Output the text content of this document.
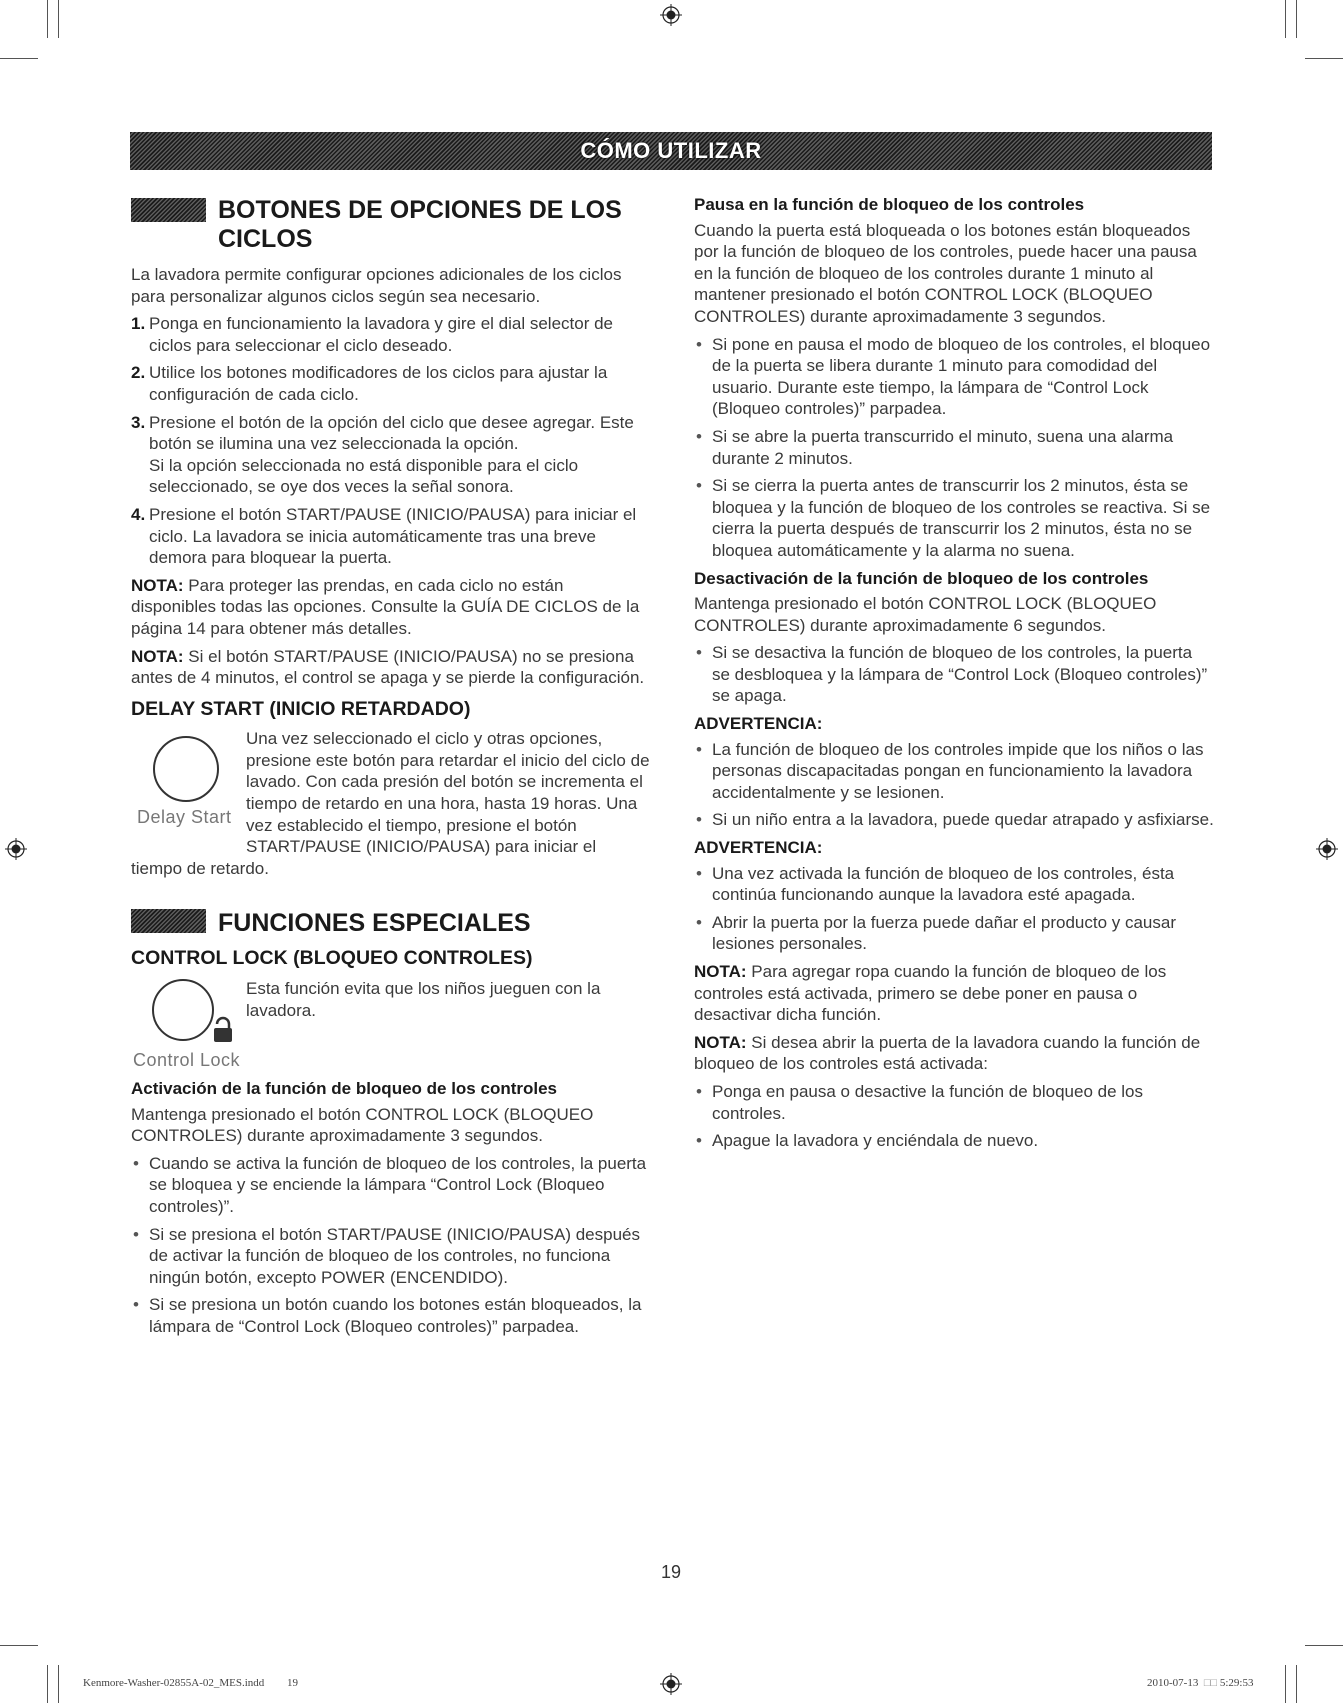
CÓMO UTILIZAR
BOTONES DE OPCIONES DE LOS CICLOS

La lavadora permite configurar opciones adicionales de los ciclos para personalizar algunos ciclos según sea necesario.

1. Ponga en funcionamiento la lavadora y gire el dial selector de ciclos para seleccionar el ciclo deseado.
2. Utilice los botones modificadores de los ciclos para ajustar la configuración de cada ciclo.
3. Presione el botón de la opción del ciclo que desee agregar. Este botón se ilumina una vez seleccionada la opción.
Si la opción seleccionada no está disponible para el ciclo seleccionado, se oye dos veces la señal sonora.
4. Presione el botón START/PAUSE (INICIO/PAUSA) para iniciar el ciclo. La lavadora se inicia automáticamente tras una breve demora para bloquear la puerta.

NOTA: Para proteger las prendas, en cada ciclo no están disponibles todas las opciones. Consulte la GUÍA DE CICLOS de la página 14 para obtener más detalles.

NOTA: Si el botón START/PAUSE (INICIO/PAUSA) no se presiona antes de 4 minutos, el control se apaga y se pierde la configuración.

DELAY START (INICIO RETARDADO)
Delay Start

Una vez seleccionado el ciclo y otras opciones, presione este botón para retardar el inicio del ciclo de lavado. Con cada presión del botón se incrementa el tiempo de retardo en una hora, hasta 19 horas. Una vez establecido el tiempo, presione el botón START/PAUSE (INICIO/PAUSA) para iniciar el tiempo de retardo.

FUNCIONES ESPECIALES
CONTROL LOCK (BLOQUEO CONTROLES)
Control Lock

Esta función evita que los niños jueguen con la lavadora.

Activación de la función de bloqueo de los controles

Mantenga presionado el botón CONTROL LOCK (BLOQUEO CONTROLES) durante aproximadamente 3 segundos.

• Cuando se activa la función de bloqueo de los controles, la puerta se bloquea y se enciende la lámpara “Control Lock (Bloqueo controles)”.
• Si se presiona el botón START/PAUSE (INICIO/PAUSA) después de activar la función de bloqueo de los controles, no funciona ningún botón, excepto POWER (ENCENDIDO).
• Si se presiona un botón cuando los botones están bloqueados, la lámpara de “Control Lock (Bloqueo controles)” parpadea.
Pausa en la función de bloqueo de los controles

Cuando la puerta está bloqueada o los botones están bloqueados por la función de bloqueo de los controles, puede hacer una pausa en la función de bloqueo de los controles durante 1 minuto al mantener presionado el botón CONTROL LOCK (BLOQUEO CONTROLES) durante aproximadamente 3 segundos.

• Si pone en pausa el modo de bloqueo de los controles, el bloqueo de la puerta se libera durante 1 minuto para comodidad del usuario. Durante este tiempo, la lámpara de “Control Lock (Bloqueo controles)” parpadea.
• Si se abre la puerta transcurrido el minuto, suena una alarma durante 2 minutos.
• Si se cierra la puerta antes de transcurrir los 2 minutos, ésta se bloquea y la función de bloqueo de los controles se reactiva. Si se cierra la puerta después de transcurrir los 2 minutos, ésta no se bloquea automáticamente y la alarma no suena.
Desactivación de la función de bloqueo de los controles

Mantenga presionado el botón CONTROL LOCK (BLOQUEO CONTROLES) durante aproximadamente 6 segundos.

• Si se desactiva la función de bloqueo de los controles, la puerta se desbloquea y la lámpara de “Control Lock (Bloqueo controles)” se apaga.
ADVERTENCIA:
• La función de bloqueo de los controles impide que los niños o las personas discapacitadas pongan en funcionamiento la lavadora accidentalmente y se lesionen.
• Si un niño entra a la lavadora, puede quedar atrapado y asfixiarse.
ADVERTENCIA:
• Una vez activada la función de bloqueo de los controles, ésta continúa funcionando aunque la lavadora esté apagada.
• Abrir la puerta por la fuerza puede dañar el producto y causar lesiones personales.

NOTA: Para agregar ropa cuando la función de bloqueo de los controles está activada, primero se debe poner en pausa o desactivar dicha función.

NOTA: Si desea abrir la puerta de la lavadora cuando la función de bloqueo de los controles está activada:

• Ponga en pausa o desactive la función de bloqueo de los controles.
• Apague la lavadora y enciéndala de nuevo.
19
Kenmore-Washer-02855A-02_MES.indd 19	2010-07-13 □□ 5:29:53
